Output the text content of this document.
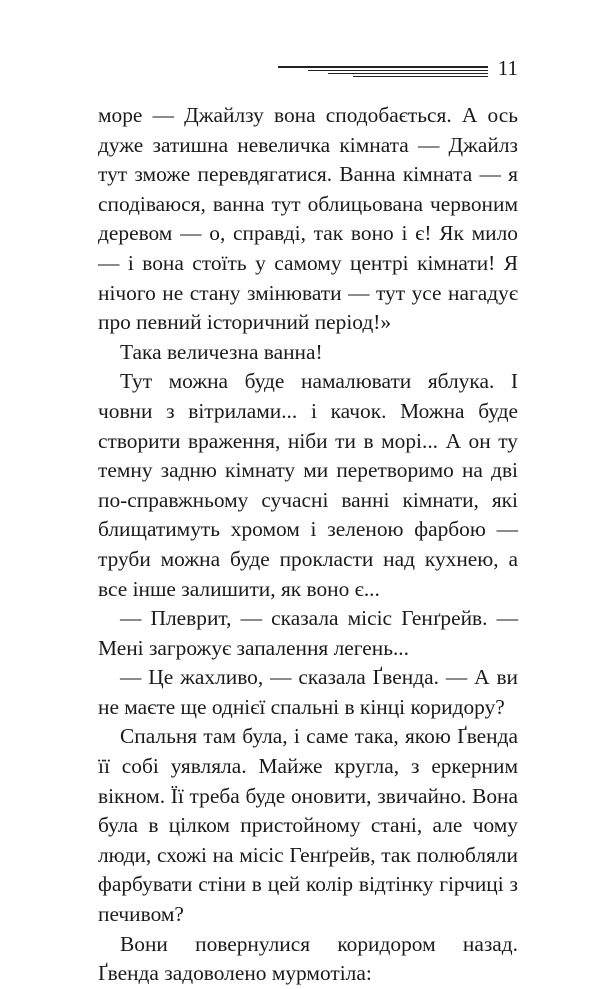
11

море — Джайлзу вона сподобається. А ось дуже затишна невеличка кімната — Джайлз тут зможе перевдягатися. Ванна кімната — я сподіваюся, ванна тут облицьована червоним деревом — о, справді, так воно і є! Як мило — і вона стоїть у самому центрі кімнати! Я нічого не стану змінювати — тут усе нагадує про певний історичний період!»

Така величезна ванна!

Тут можна буде намалювати яблука. І човни з вітрилами... і качок. Можна буде створити враження, ніби ти в морі... А он ту темну задню кімнату ми перетворимо на дві по-справжньому сучасні ванні кімнати, які блищатимуть хромом і зеленою фарбою — труби можна буде прокласти над кухнею, а все інше залишити, як воно є...

— Плеврит, — сказала місіс Генґрейв. — Мені загрожує запалення легень...

— Це жахливо, — сказала Ґвенда. — А ви не маєте ще однієї спальні в кінці коридору?

Спальня там була, і саме така, якою Ґвенда її собі уявляла. Майже кругла, з еркерним вікном. Її треба буде оновити, звичайно. Вона була в цілком пристойному стані, але чому люди, схожі на місіс Генґрейв, так полюбляли фарбувати стіни в цей колір відтінку гірчиці з печивом?

Вони повернулися коридором назад. Ґвенда задоволено мурмотіла:
